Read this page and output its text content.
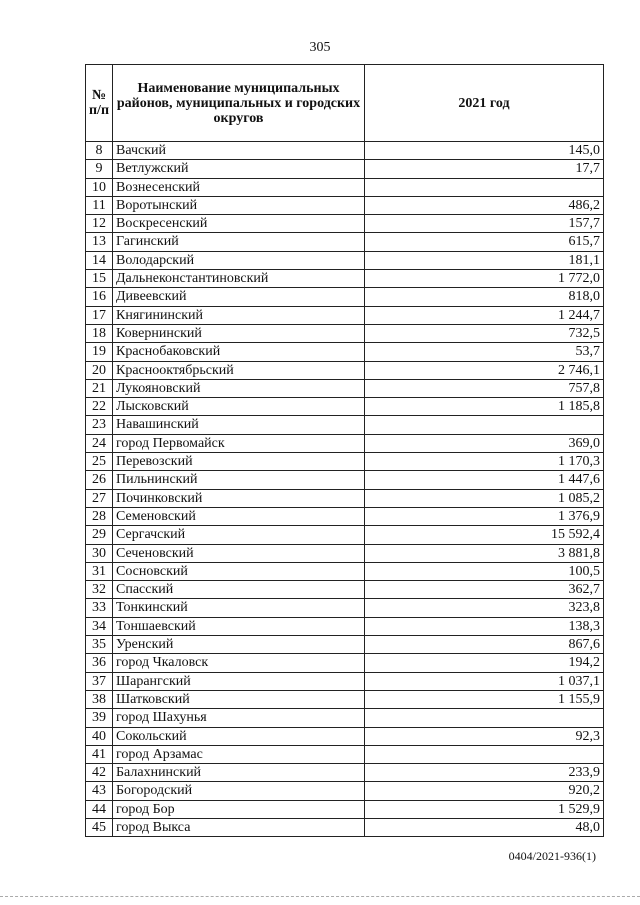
305
№ п/п	Наименование муниципальных районов, муниципальных и городских округов	2021 год
8	Вачский	145,0
9	Ветлужский	17,7
10	Вознесенский	
11	Воротынский	486,2
12	Воскресенский	157,7
13	Гагинский	615,7
14	Володарский	181,1
15	Дальнеконстантиновский	1 772,0
16	Дивеевский	818,0
17	Княгининский	1 244,7
18	Ковернинский	732,5
19	Краснобаковский	53,7
20	Краснооктябрьский	2 746,1
21	Лукояновский	757,8
22	Лысковский	1 185,8
23	Навашинский	
24	город Первомайск	369,0
25	Перевозский	1 170,3
26	Пильнинский	1 447,6
27	Починковский	1 085,2
28	Семеновский	1 376,9
29	Сергачский	15 592,4
30	Сеченовский	3 881,8
31	Сосновский	100,5
32	Спасский	362,7
33	Тонкинский	323,8
34	Тоншаевский	138,3
35	Уренский	867,6
36	город Чкаловск	194,2
37	Шарангский	1 037,1
38	Шатковский	1 155,9
39	город Шахунья	
40	Сокольский	92,3
41	город Арзамас	
42	Балахнинский	233,9
43	Богородский	920,2
44	город Бор	1 529,9
45	город Выкса	48,0
0404/2021-936(1)
